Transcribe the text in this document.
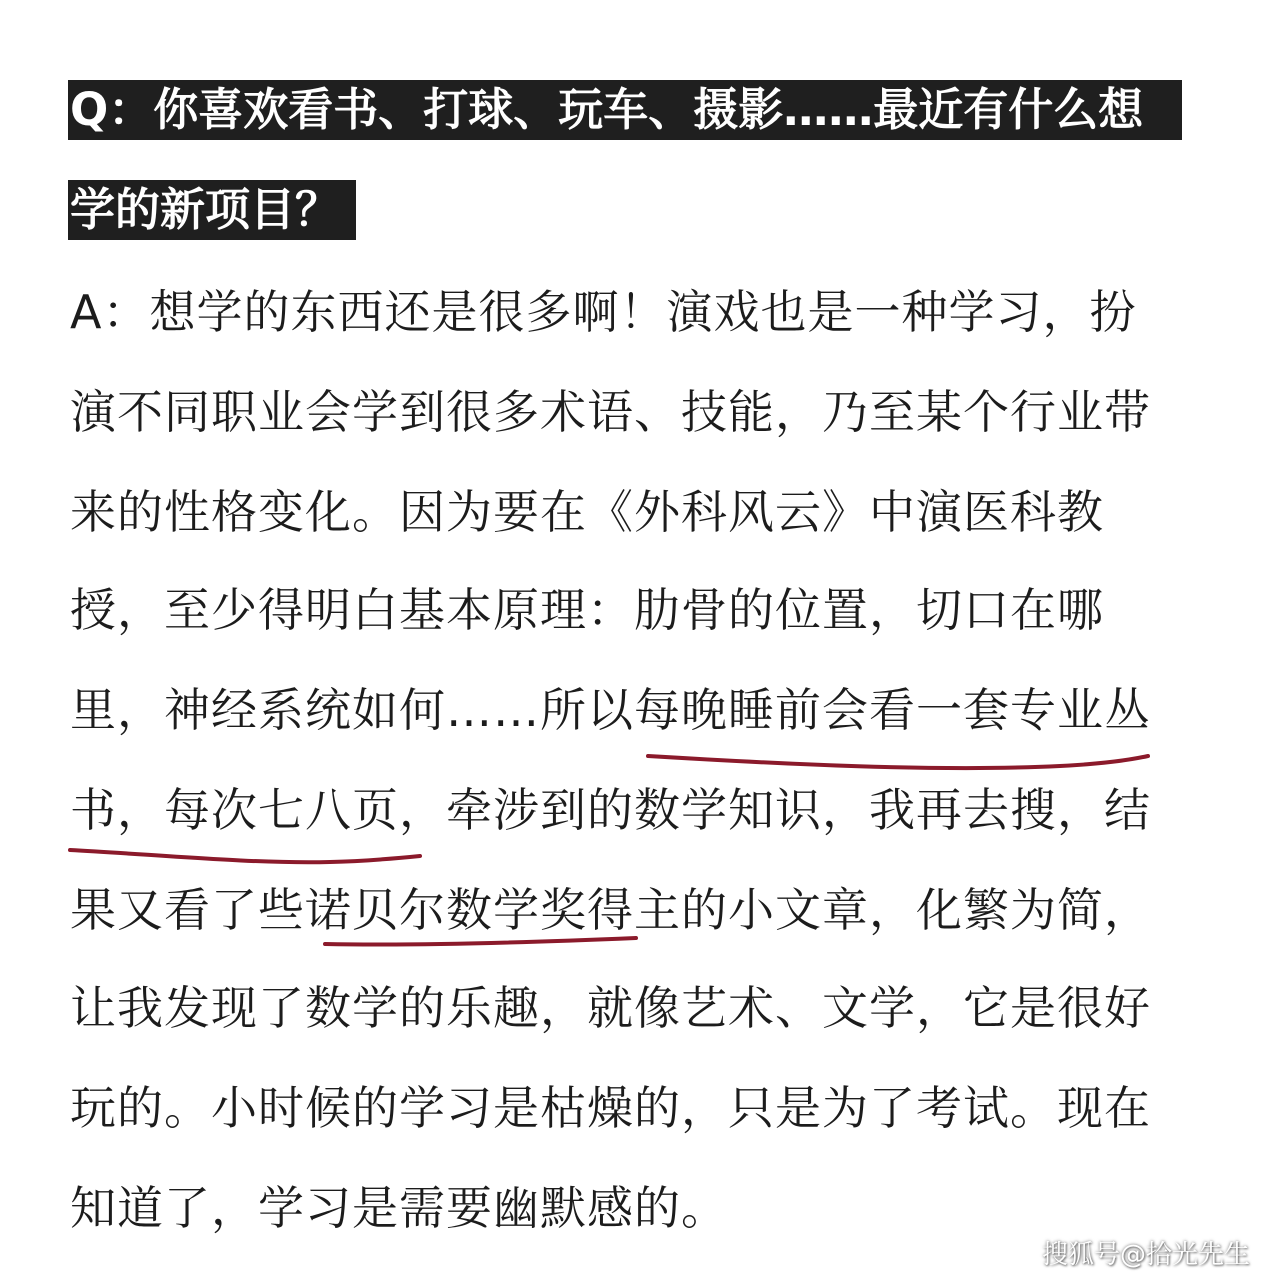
Q：你喜欢看书、打球、玩车、摄影……最近有什么想
学的新项目？
A：想学的东西还是很多啊！演戏也是一种学习，扮
演不同职业会学到很多术语、技能，乃至某个行业带
来的性格变化。因为要在《外科风云》中演医科教
授，至少得明白基本原理：肋骨的位置，切口在哪
里，神经系统如何……所以每晚睡前会看一套专业丛
书，每次七八页，牵涉到的数学知识，我再去搜，结
果又看了些诺贝尔数学奖得主的小文章，化繁为简，
让我发现了数学的乐趣，就像艺术、文学，它是很好
玩的。小时候的学习是枯燥的，只是为了考试。现在
知道了，学习是需要幽默感的。
搜狐号@拾光先生
